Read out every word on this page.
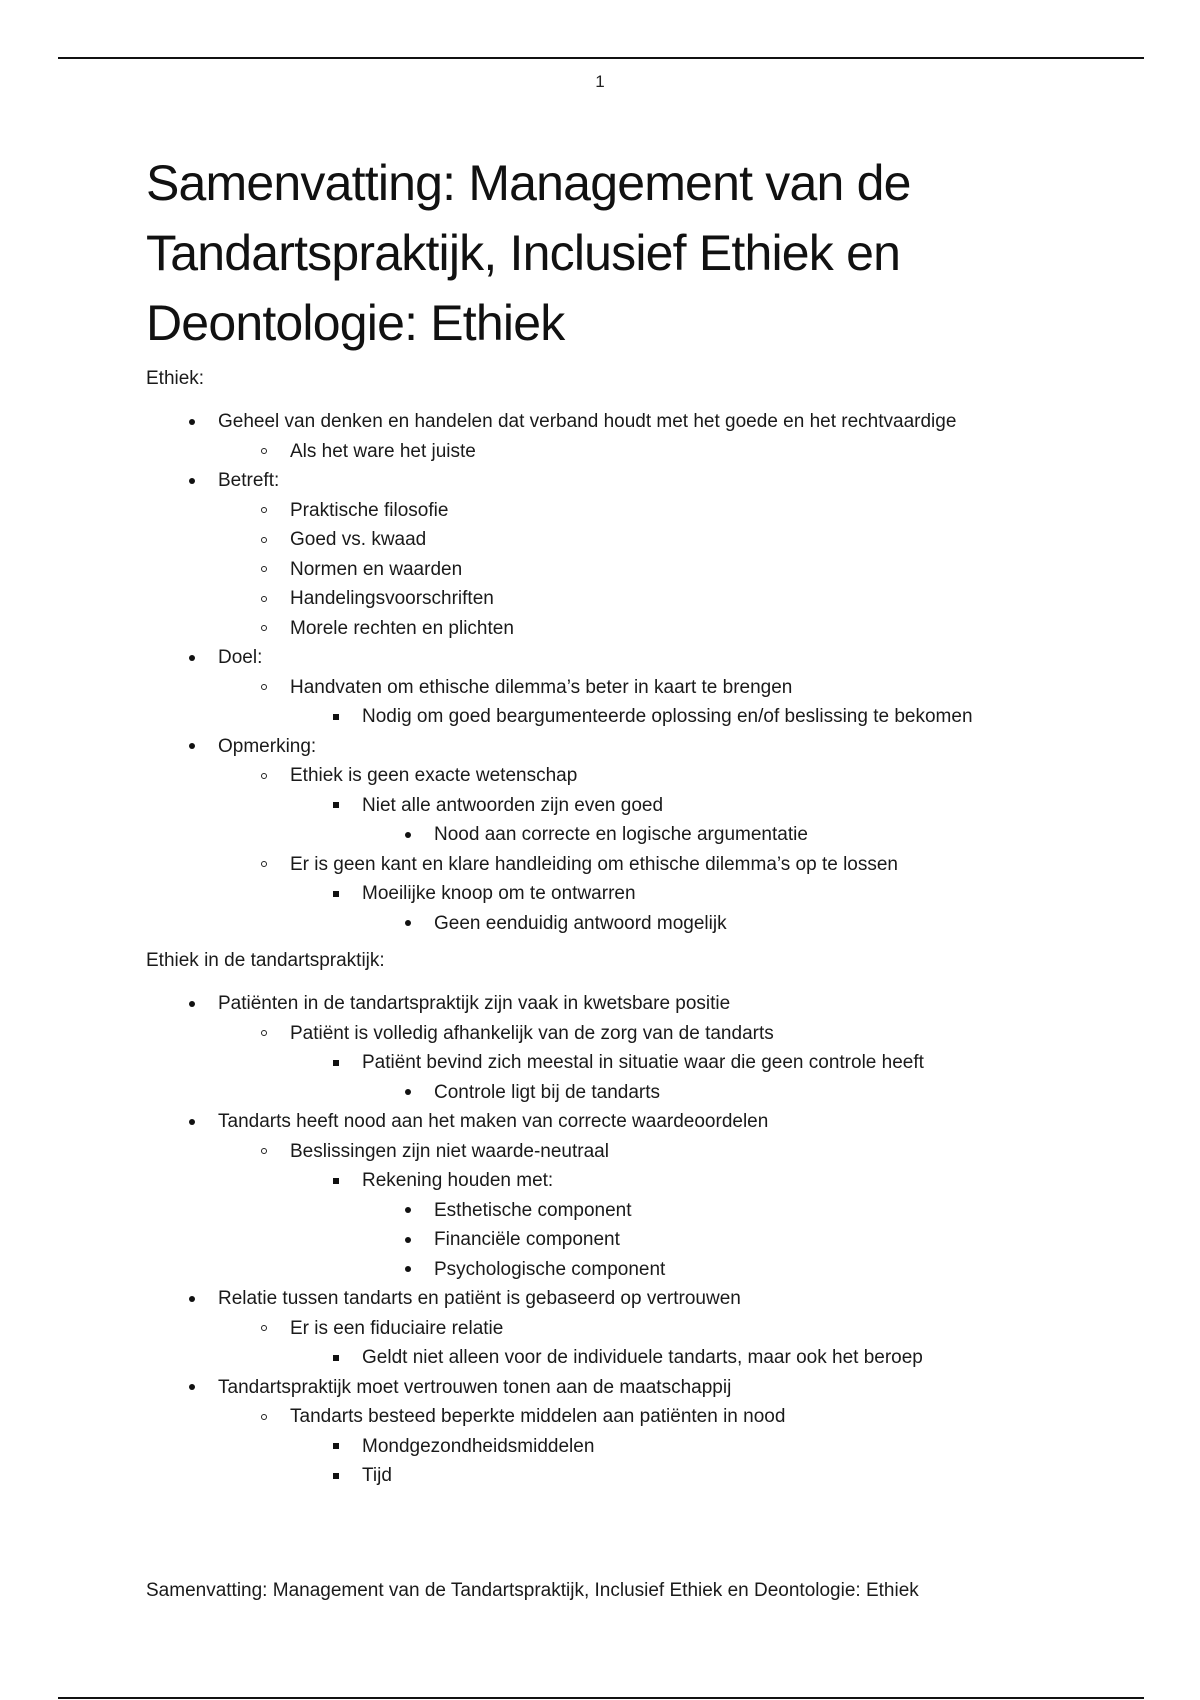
1
Samenvatting: Management van de Tandartspraktijk, Inclusief Ethiek en Deontologie: Ethiek

Ethiek:

Geheel van denken en handelen dat verband houdt met het goede en het rechtvaardige
Als het ware het juiste
Betreft:
Praktische filosofie
Goed vs. kwaad
Normen en waarden
Handelingsvoorschriften
Morele rechten en plichten
Doel:
Handvaten om ethische dilemma’s beter in kaart te brengen
Nodig om goed beargumenteerde oplossing en/of beslissing te bekomen
Opmerking:
Ethiek is geen exacte wetenschap
Niet alle antwoorden zijn even goed
Nood aan correcte en logische argumentatie
Er is geen kant en klare handleiding om ethische dilemma’s op te lossen
Moeilijke knoop om te ontwarren
Geen eenduidig antwoord mogelijk

Ethiek in de tandartspraktijk:

Patiënten in de tandartspraktijk zijn vaak in kwetsbare positie
Patiënt is volledig afhankelijk van de zorg van de tandarts
Patiënt bevind zich meestal in situatie waar die geen controle heeft
Controle ligt bij de tandarts
Tandarts heeft nood aan het maken van correcte waardeoordelen
Beslissingen zijn niet waarde-neutraal
Rekening houden met:
Esthetische component
Financiële component
Psychologische component
Relatie tussen tandarts en patiënt is gebaseerd op vertrouwen
Er is een fiduciaire relatie
Geldt niet alleen voor de individuele tandarts, maar ook het beroep
Tandartspraktijk moet vertrouwen tonen aan de maatschappij
Tandarts besteed beperkte middelen aan patiënten in nood
Mondgezondheidsmiddelen
Tijd
Samenvatting: Management van de Tandartspraktijk, Inclusief Ethiek en Deontologie: Ethiek
